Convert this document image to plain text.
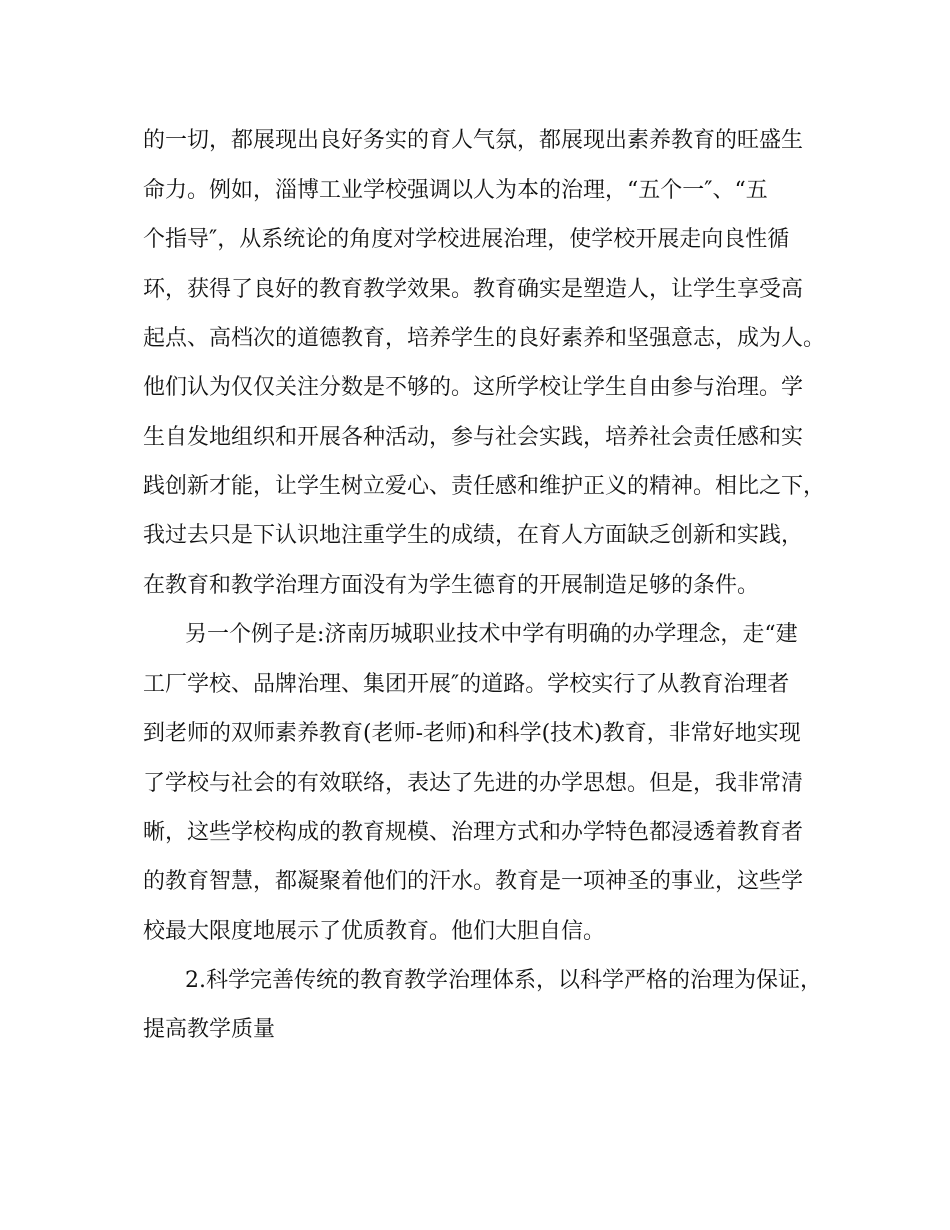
的一切，都展现出良好务实的育人气氛，都展现出素养教育的旺盛生
命力。例如，淄博工业学校强调以人为本的治理，“五个一″、“五
个指导″，从系统论的角度对学校进展治理，使学校开展走向良性循
环，获得了良好的教育教学效果。教育确实是塑造人，让学生享受高
起点、高档次的道德教育，培养学生的良好素养和坚强意志，成为人。
他们认为仅仅关注分数是不够的。这所学校让学生自由参与治理。学
生自发地组织和开展各种活动，参与社会实践，培养社会责任感和实
践创新才能，让学生树立爱心、责任感和维护正义的精神。相比之下，
我过去只是下认识地注重学生的成绩，在育人方面缺乏创新和实践，
在教育和教学治理方面没有为学生德育的开展制造足够的条件。
另一个例子是:济南历城职业技术中学有明确的办学理念，走“建
工厂学校、品牌治理、集团开展″的道路。学校实行了从教育治理者
到老师的双师素养教育(老师-老师)和科学(技术)教育，非常好地实现
了学校与社会的有效联络，表达了先进的办学思想。但是，我非常清
晰，这些学校构成的教育规模、治理方式和办学特色都浸透着教育者
的教育智慧，都凝聚着他们的汗水。教育是一项神圣的事业，这些学
校最大限度地展示了优质教育。他们大胆自信。
2.科学完善传统的教育教学治理体系，以科学严格的治理为保证，
提高教学质量
